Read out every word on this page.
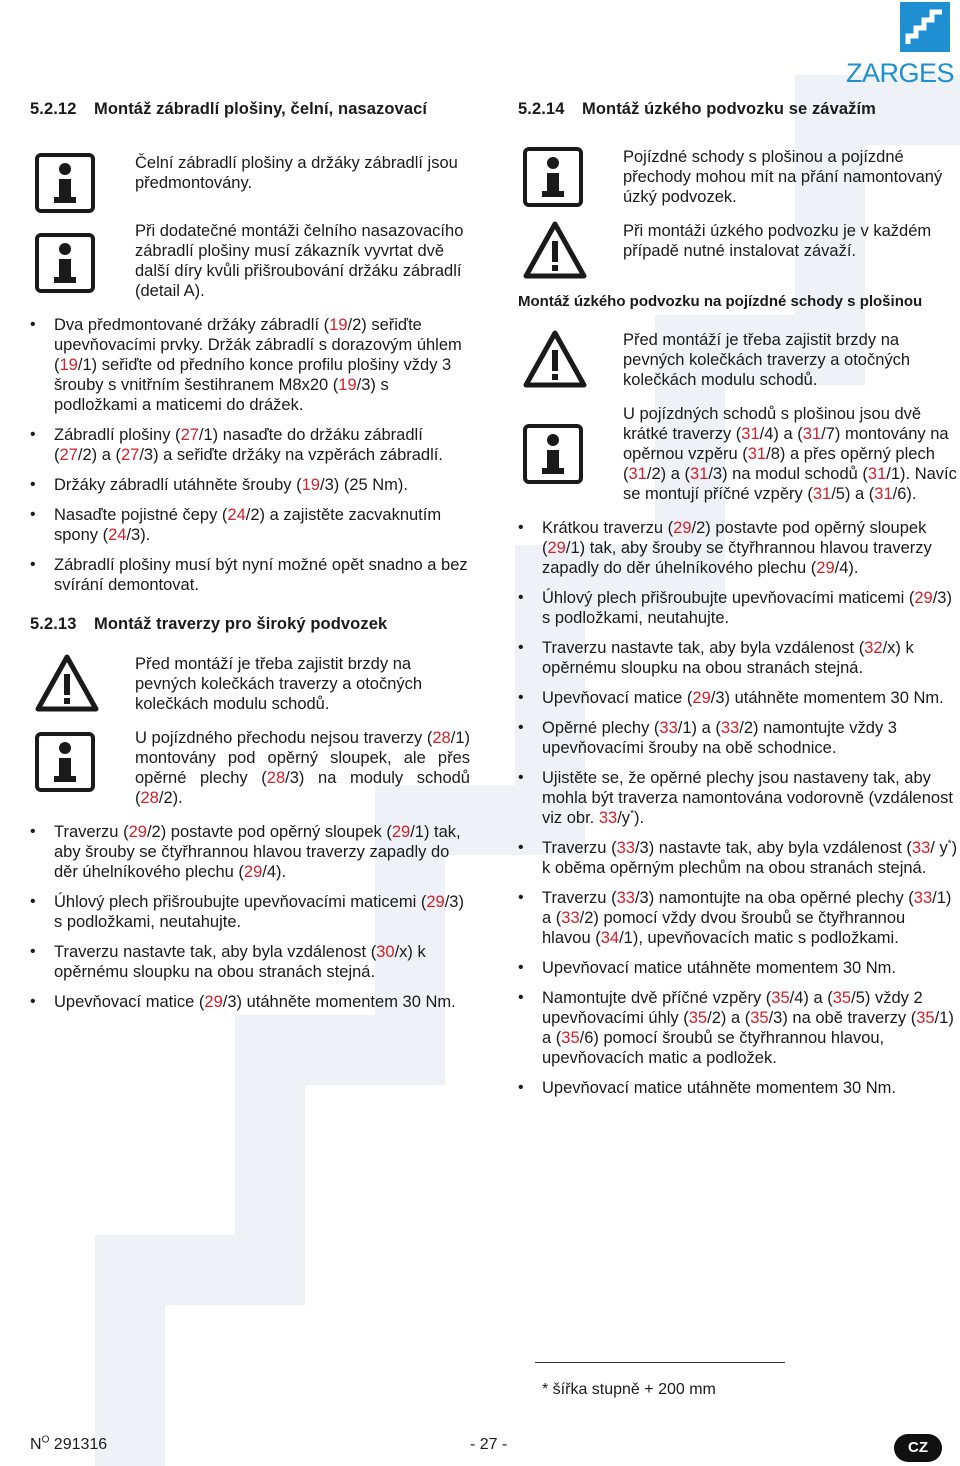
ZARGES
5.2.12 Montáž zábradlí plošiny, čelní, nasazovací

Čelní zábradlí plošiny a držáky zábradlí jsou předmontovány.

Při dodatečné montáži čelního nasazovacího zábradlí plošiny musí zákazník vyvrtat dvě další díry kvůli přišroubování držáku zábradlí (detail A).

• Dva předmontované držáky zábradlí (19/2) seřiďte upevňovacími prvky. Držák zábradlí s dorazovým úhlem (19/1) seřiďte od předního konce profilu plošiny vždy 3 šrouby s vnitřním šestihranem M8x20 (19/3) s podložkami a maticemi do drážek.
• Zábradlí plošiny (27/1) nasaďte do držáku zábradlí (27/2) a (27/3) a seřiďte držáky na vzpěrách zábradlí.
• Držáky zábradlí utáhněte šrouby (19/3) (25 Nm).
• Nasaďte pojistné čepy (24/2) a zajistěte zacvaknutím spony (24/3).
• Zábradlí plošiny musí být nyní možné opět snadno a bez svírání demontovat.
5.2.13 Montáž traverzy pro široký podvozek

Před montáží je třeba zajistit brzdy na pevných kolečkách traverzy a otočných kolečkách modulu schodů.

U pojízdného přechodu nejsou traverzy (28/1) montovány pod opěrný sloupek, ale přes opěrné plechy (28/3) na moduly schodů (28/2).

• Traverzu (29/2) postavte pod opěrný sloupek (29/1) tak, aby šrouby se čtyřhrannou hlavou traverzy zapadly do děr úhelníkového plechu (29/4).
• Úhlový plech přišroubujte upevňovacími maticemi (29/3) s podložkami, neutahujte.
• Traverzu nastavte tak, aby byla vzdálenost (30/x) k opěrnému sloupku na obou stranách stejná.
• Upevňovací matice (29/3) utáhněte momentem 30 Nm.
5.2.14 Montáž úzkého podvozku se závažím

Pojízdné schody s plošinou a pojízdné přechody mohou mít na přání namontovaný úzký podvozek.

Při montáži úzkého podvozku je v každém případě nutné instalovat závaží.

Montáž úzkého podvozku na pojízdné schody s plošinou

Před montáží je třeba zajistit brzdy na pevných kolečkách traverzy a otočných kolečkách modulu schodů.

U pojízdných schodů s plošinou jsou dvě krátké traverzy (31/4) a (31/7) montovány na opěrnou vzpěru (31/8) a přes opěrný plech (31/2) a (31/3) na modul schodů (31/1). Navíc se montují příčné vzpěry (31/5) a (31/6).

• Krátkou traverzu (29/2) postavte pod opěrný sloupek (29/1) tak, aby šrouby se čtyřhrannou hlavou traverzy zapadly do děr úhelníkového plechu (29/4).
• Úhlový plech přišroubujte upevňovacími maticemi (29/3) s podložkami, neutahujte.
• Traverzu nastavte tak, aby byla vzdálenost (32/x) k opěrnému sloupku na obou stranách stejná.
• Upevňovací matice (29/3) utáhněte momentem 30 Nm.
• Opěrné plechy (33/1) a (33/2) namontujte vždy 3 upevňovacími šrouby na obě schodnice.
• Ujistěte se, že opěrné plechy jsou nastaveny tak, aby mohla být traverza namontována vodorovně (vzdálenost viz obr. 33/y*).
• Traverzu (33/3) nastavte tak, aby byla vzdálenost (33/ y*) k oběma opěrným plechům na obou stranách stejná.
• Traverzu (33/3) namontujte na oba opěrné plechy (33/1) a (33/2) pomocí vždy dvou šroubů se čtyřhrannou hlavou (34/1), upevňovacích matic s podložkami.
• Upevňovací matice utáhněte momentem 30 Nm.
• Namontujte dvě příčné vzpěry (35/4) a (35/5) vždy 2 upevňovacími úhly (35/2) a (35/3) na obě traverzy (35/1) a (35/6) pomocí šroubů se čtyřhrannou hlavou, upevňovacích matic a podložek.
• Upevňovací matice utáhněte momentem 30 Nm.
* šířka stupně + 200 mm
$N^O$ 291316	- 27 -	CZ
